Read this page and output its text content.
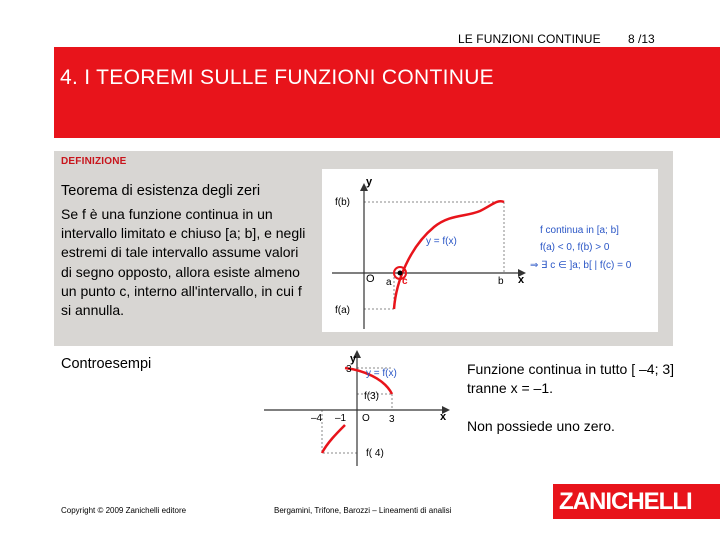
LE FUNZIONI CONTINUE 8 /13
4. I TEOREMI SULLE FUNZIONI CONTINUE
DEFINIZIONE
Teorema di esistenza degli zeri
Se f è una funzione continua in un intervallo limitato e chiuso [a; b], e negli estremi di tale intervallo assume valori di segno opposto, allora esiste almeno un punto c, interno all'intervallo, in cui f si annulla.
y
x
f(b)
f(a)
O a c	b
y = f(x)
f continua in [a; b]
f(a) < 0, f(b) > 0
⇒ ∃ c ∈ ]a; b[ | f(c) = 0
Controesempi	y
x
3 y = f(x)
f(3)
–4 –1 O 3
f( 4)
Funzione continua in tutto [ –4; 3] tranne x = –1.
Non possiede uno zero.
Copyright © 2009 Zanichelli editore	Bergamini, Trifone, Barozzi – Lineamenti di analisi	ZANICHELLI
